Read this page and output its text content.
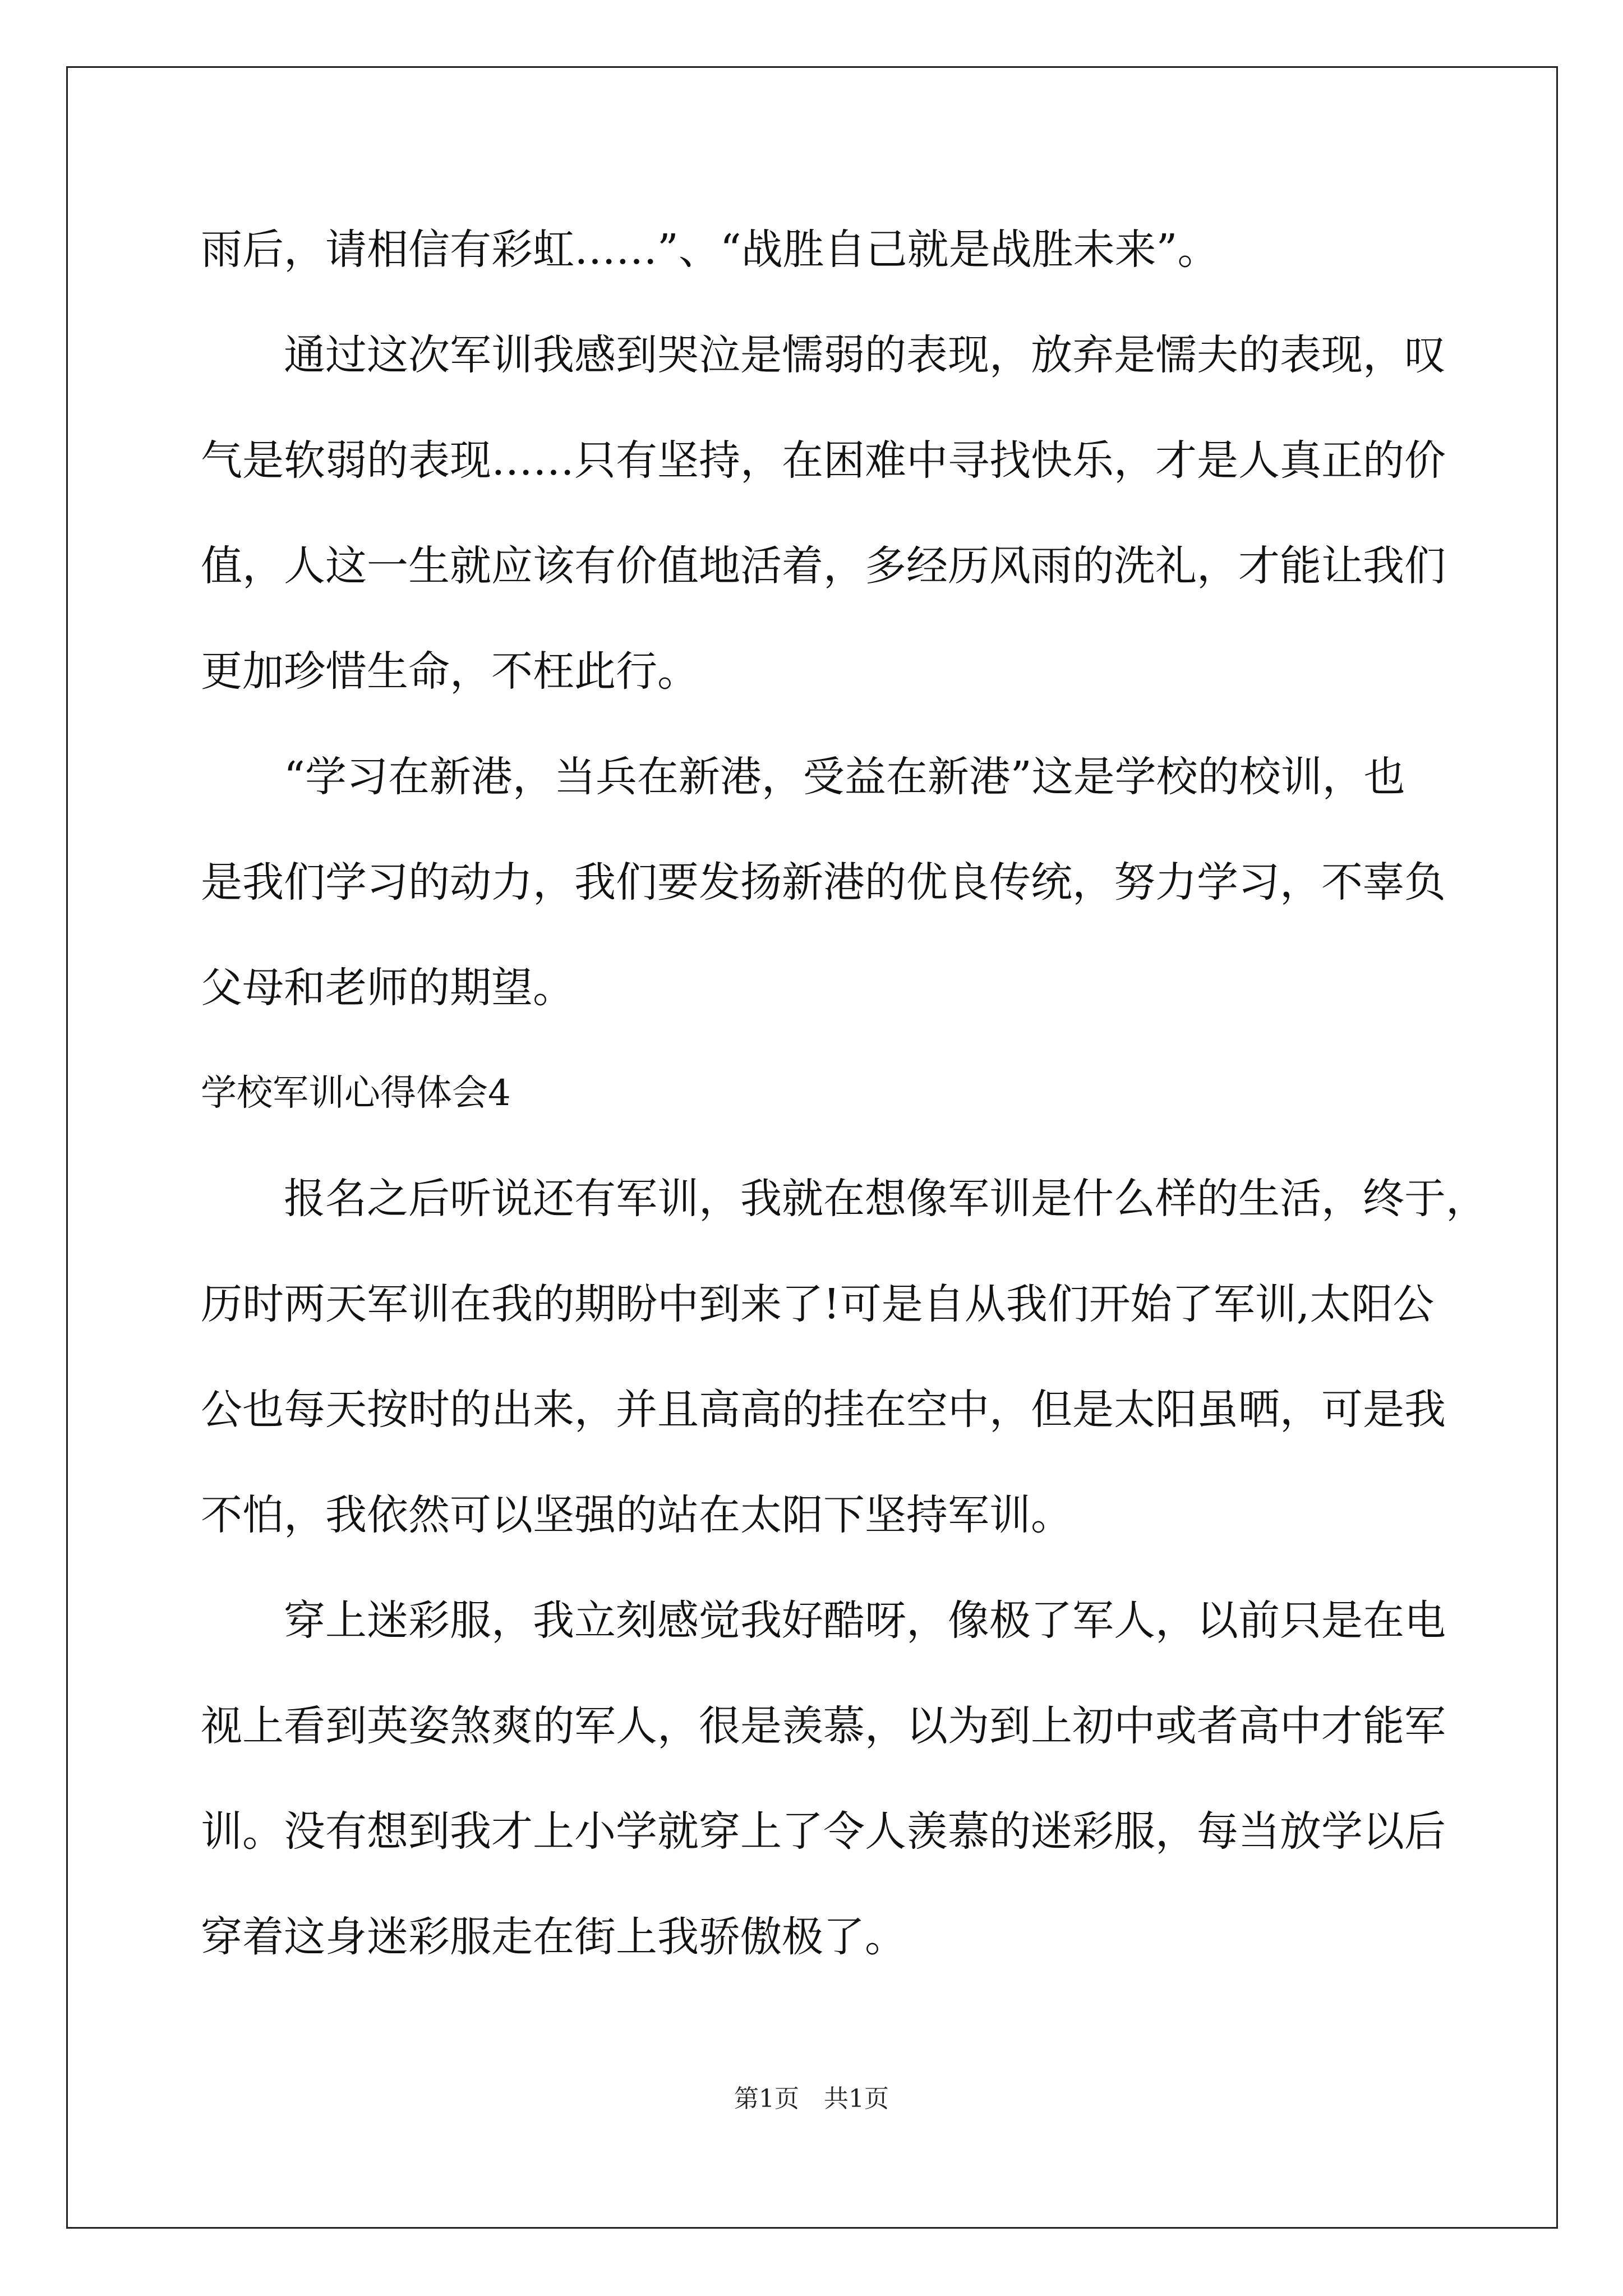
雨后，请相信有彩虹……”、“战胜自己就是战胜未来”。
通过这次军训我感到哭泣是懦弱的表现，放弃是懦夫的表现，叹
气是软弱的表现……只有坚持，在困难中寻找快乐，才是人真正的价
值，人这一生就应该有价值地活着，多经历风雨的洗礼，才能让我们
更加珍惜生命，不枉此行。
“学习在新港，当兵在新港，受益在新港”这是学校的校训，也
是我们学习的动力，我们要发扬新港的优良传统，努力学习，不辜负
父母和老师的期望。
学校军训心得体会4
报名之后听说还有军训，我就在想像军训是什么样的生活，终于，
历时两天军训在我的期盼中到来了!可是自从我们开始了军训,太阳公
公也每天按时的出来，并且高高的挂在空中，但是太阳虽晒，可是我
不怕，我依然可以坚强的站在太阳下坚持军训。
穿上迷彩服，我立刻感觉我好酷呀，像极了军人，以前只是在电
视上看到英姿煞爽的军人，很是羡慕，以为到上初中或者高中才能军
训。没有想到我才上小学就穿上了令人羡慕的迷彩服，每当放学以后
穿着这身迷彩服走在街上我骄傲极了。
第1页　共1页
